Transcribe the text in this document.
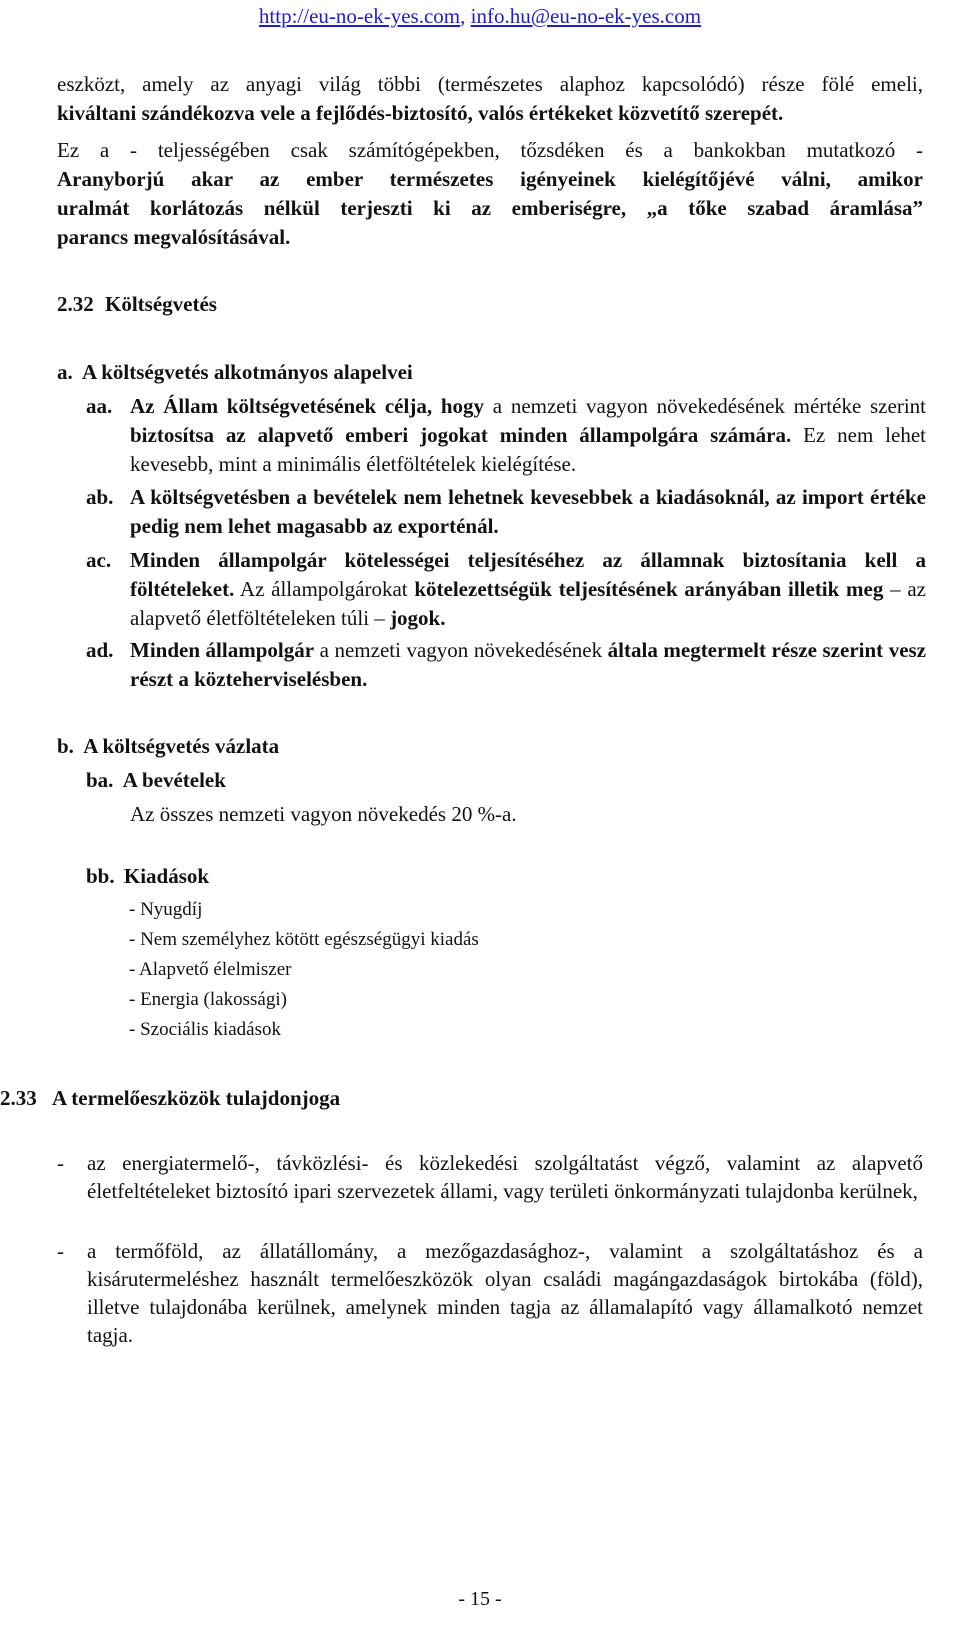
http://eu-no-ek-yes.com, info.hu@eu-no-ek-yes.com
eszközt, amely az anyagi világ többi (természetes alaphoz kapcsolódó) része fölé emeli,
kiváltani szándékozva vele a fejlődés-biztosító, valós értékeket közvetítő szerepét.
Ez a - teljességében csak számítógépekben, tőzsdéken és a bankokban mutatkozó -
Aranyborjú akar az ember természetes igényeinek kielégítőjévé válni, amikor
uralmát korlátozás nélkül terjeszti ki az emberiségre, „a tőke szabad áramlása”
parancs megvalósításával.
2.32 Költségvetés
a. A költségvetés alkotmányos alapelvei
aa. Az Állam költségvetésének célja, hogy a nemzeti vagyon növekedésének mértéke szerint biztosítsa az alapvető emberi jogokat minden állampolgára számára. Ez nem lehet kevesebb, mint a minimális életföltételek kielégítése.
ab. A költségvetésben a bevételek nem lehetnek kevesebbek a kiadásoknál, az import értéke pedig nem lehet magasabb az exporténál.
ac. Minden állampolgár kötelességei teljesítéséhez az államnak biztosítania kell a föltételeket. Az állampolgárokat kötelezettségük teljesítésének arányában illetik meg – az alapvető életföltételeken túli – jogok.
ad. Minden állampolgár a nemzeti vagyon növekedésének általa megtermelt része szerint vesz részt a közteherviselésben.
b. A költségvetés vázlata
ba. A bevételek
Az összes nemzeti vagyon növekedés 20 %-a.
bb. Kiadások
- Nyugdíj
- Nem személyhez kötött egészségügyi kiadás
- Alapvető élelmiszer
- Energia (lakossági)
- Szociális kiadások
2.33 A termelőeszközök tulajdonjoga
- az energiatermelő-, távközlési- és közlekedési szolgáltatást végző, valamint az alapvető életfeltételeket biztosító ipari szervezetek állami, vagy területi önkormányzati tulajdonba kerülnek,
- a termőföld, az állatállomány, a mezőgazdasághoz-, valamint a szolgáltatáshoz és a kisárutermeléshez használt termelőeszközök olyan családi magángazdaságok birtokába (föld), illetve tulajdonába kerülnek, amelynek minden tagja az államalapító vagy államalkotó nemzet tagja.
- 15 -
